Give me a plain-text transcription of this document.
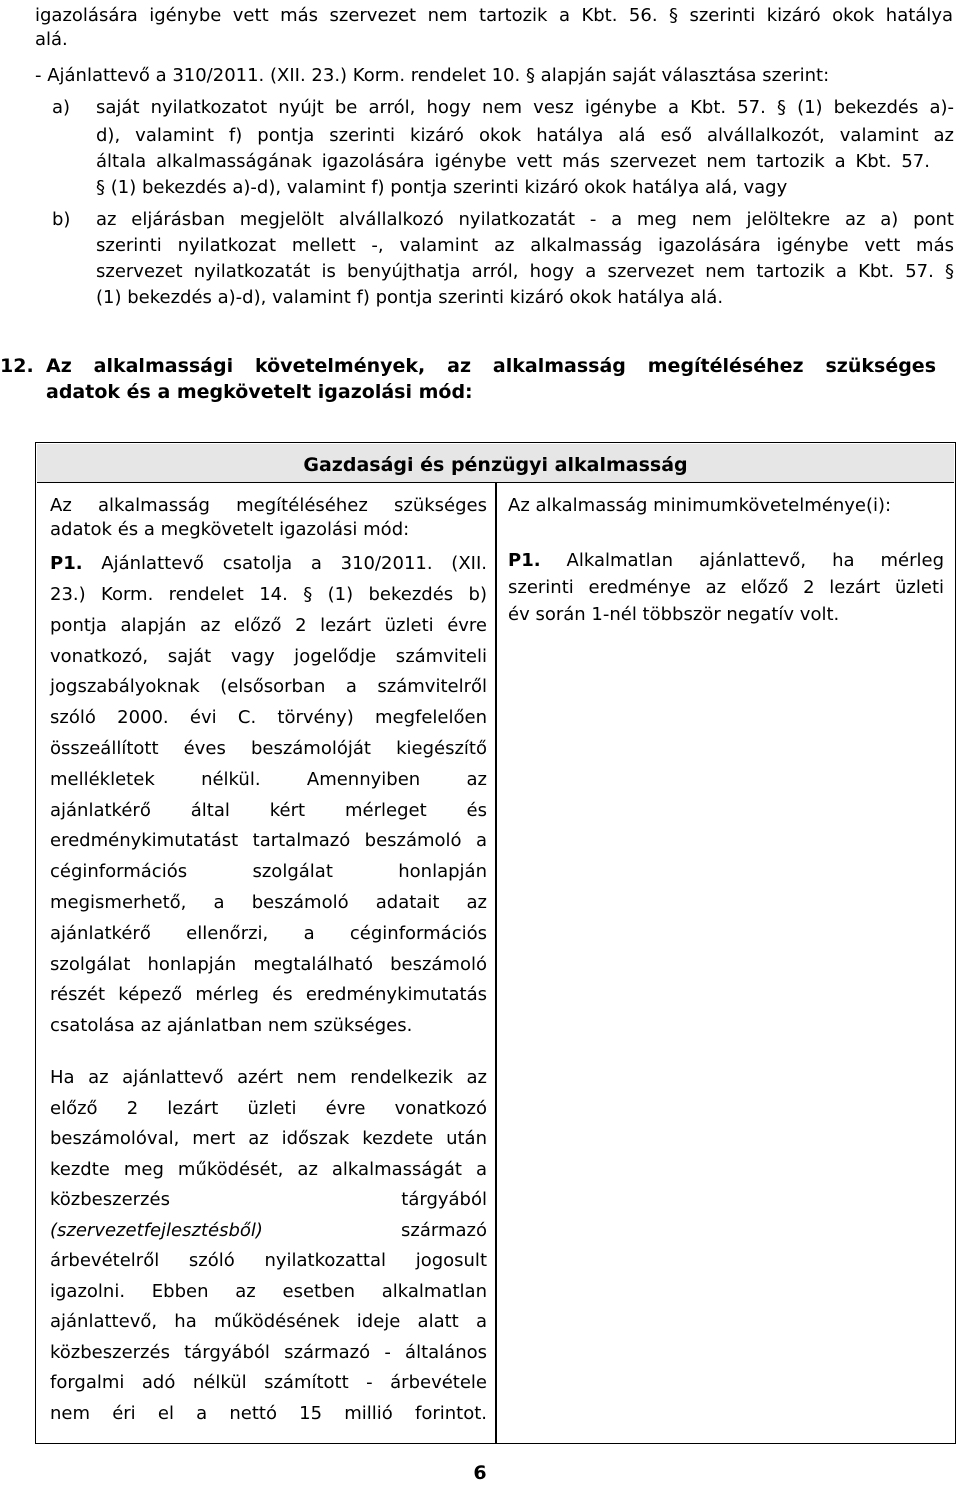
igazolására igénybe vett más szervezet nem tartozik a Kbt. 56. § szerinti kizáró okok hatálya
alá.
- Ajánlattevő a 310/2011. (XII. 23.) Korm. rendelet 10. § alapján saját választása szerint:
a) saját nyilatkozatot nyújt be arról, hogy nem vesz igénybe a Kbt. 57. § (1) bekezdés a)-
d), valamint f) pontja szerinti kizáró okok hatálya alá eső alvállalkozót, valamint az
általa alkalmasságának igazolására igénybe vett más szervezet nem tartozik a Kbt. 57.
§ (1) bekezdés a)-d), valamint f) pontja szerinti kizáró okok hatálya alá, vagy
b) az eljárásban megjelölt alvállalkozó nyilatkozatát - a meg nem jelöltekre az a) pont
szerinti nyilatkozat mellett -, valamint az alkalmasság igazolására igénybe vett más
szervezet nyilatkozatát is benyújthatja arról, hogy a szervezet nem tartozik a Kbt. 57. §
(1) bekezdés a)-d), valamint f) pontja szerinti kizáró okok hatálya alá.
12. Az alkalmassági követelmények, az alkalmasság megítéléséhez szükséges
adatok és a megkövetelt igazolási mód:
Gazdasági és pénzügyi alkalmasság
Az alkalmasság megítéléséhez szükséges
adatok és a megkövetelt igazolási mód:
P1. Ajánlattevő csatolja a 310/2011. (XII.
Az alkalmasság minimumkövetelménye(i):
P1. Alkalmatlan ajánlattevő, ha mérleg
szerinti eredménye az előző 2 lezárt üzleti
év során 1-nél többször negatív volt.
6
23.) Korm. rendelet 14. § (1) bekezdés b)
pontja alapján az előző 2 lezárt üzleti évre
vonatkozó, saját vagy jogelődje számviteli
jogszabályoknak (elsősorban a számvitelről
szóló 2000. évi C. törvény) megfelelően
összeállított éves beszámolóját kiegészítő
mellékletek nélkül. Amennyiben az
ajánlatkérő által kért mérleget és
eredménykimutatást tartalmazó beszámoló a
céginformációs szolgálat honlapján
megismerhető, a beszámoló adatait az
ajánlatkérő ellenőrzi, a céginformációs
szolgálat honlapján megtalálható beszámoló
részét képező mérleg és eredménykimutatás
csatolása az ajánlatban nem szükséges.
Ha az ajánlattevő azért nem rendelkezik az
előző 2 lezárt üzleti évre vonatkozó
beszámolóval, mert az időszak kezdete után
kezdte meg működését, az alkalmasságát a
közbeszerzés tárgyából
(szervezetfejlesztésből) származó
árbevételről szóló nyilatkozattal jogosult
igazolni. Ebben az esetben alkalmatlan
ajánlattevő, ha működésének ideje alatt a
közbeszerzés tárgyából származó - általános
forgalmi adó nélkül számított - árbevétele
nem éri el a nettó 15 millió forintot.
